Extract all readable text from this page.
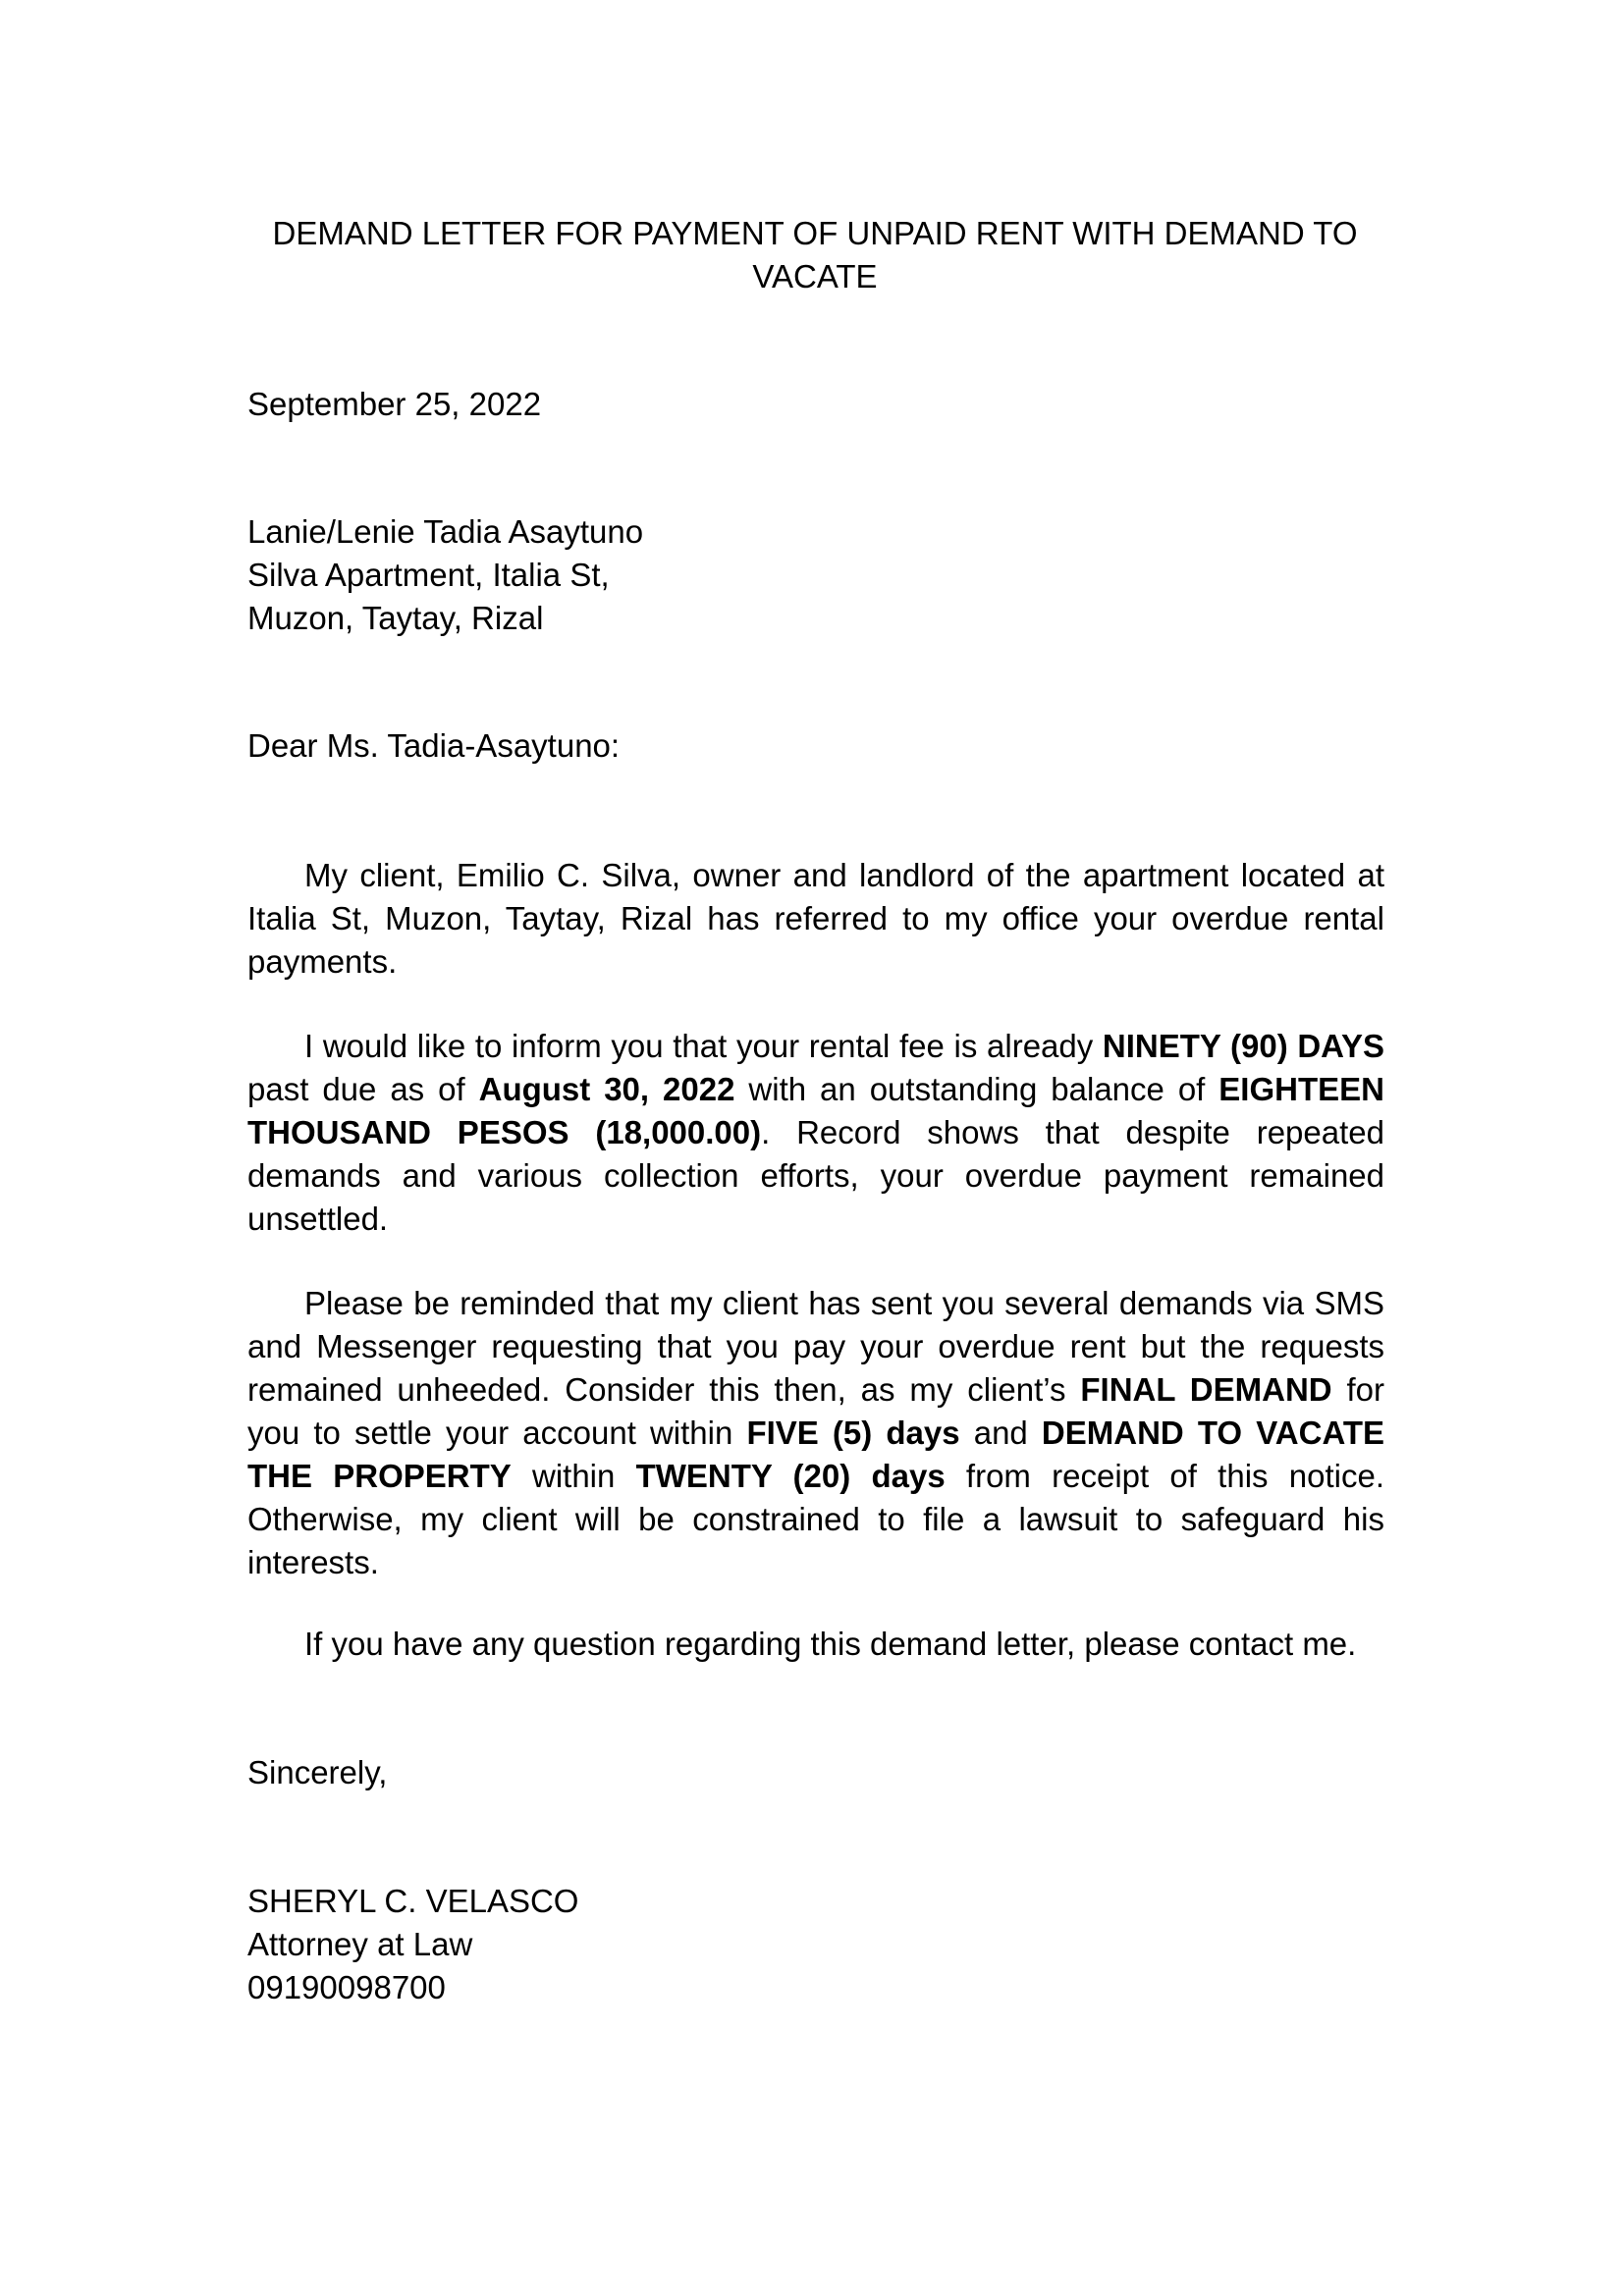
DEMAND LETTER FOR PAYMENT OF UNPAID RENT WITH DEMAND TO VACATE

September 25, 2022

Lanie/Lenie Tadia Asaytuno
Silva Apartment, Italia St,
Muzon, Taytay, Rizal

Dear Ms. Tadia-Asaytuno:

My client, Emilio C. Silva, owner and landlord of the apartment located at Italia St, Muzon, Taytay, Rizal has referred to my office your overdue rental payments.

I would like to inform you that your rental fee is already NINETY (90) DAYS past due as of August 30, 2022 with an outstanding balance of EIGHTEEN THOUSAND PESOS (18,000.00). Record shows that despite repeated demands and various collection efforts, your overdue payment remained unsettled.

Please be reminded that my client has sent you several demands via SMS and Messenger requesting that you pay your overdue rent but the requests remained unheeded. Consider this then, as my client’s FINAL DEMAND for you to settle your account within FIVE (5) days and DEMAND TO VACATE THE PROPERTY within TWENTY (20) days from receipt of this notice. Otherwise, my client will be constrained to file a lawsuit to safeguard his interests.

If you have any question regarding this demand letter, please contact me.

Sincerely,

SHERYL C. VELASCO
Attorney at Law
09190098700
